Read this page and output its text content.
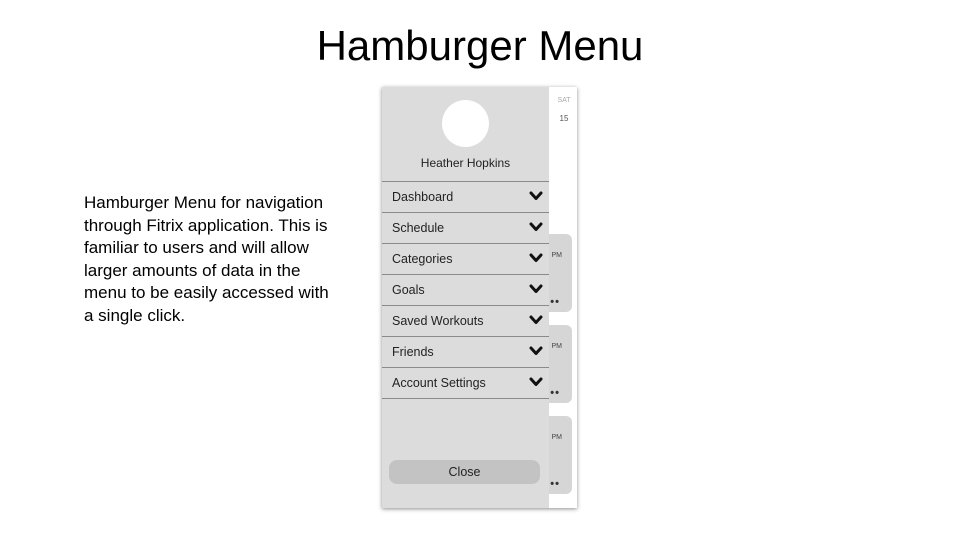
Hamburger Menu
Hamburger Menu for navigation through Fitrix application. This is familiar to users and will allow larger amounts of data in the menu to be easily accessed with a single click.
SAT
15
PM
••
PM
••
PM
••
Heather Hopkins
Dashboard
Schedule
Categories
Goals
Saved Workouts
Friends
Account Settings
Close
